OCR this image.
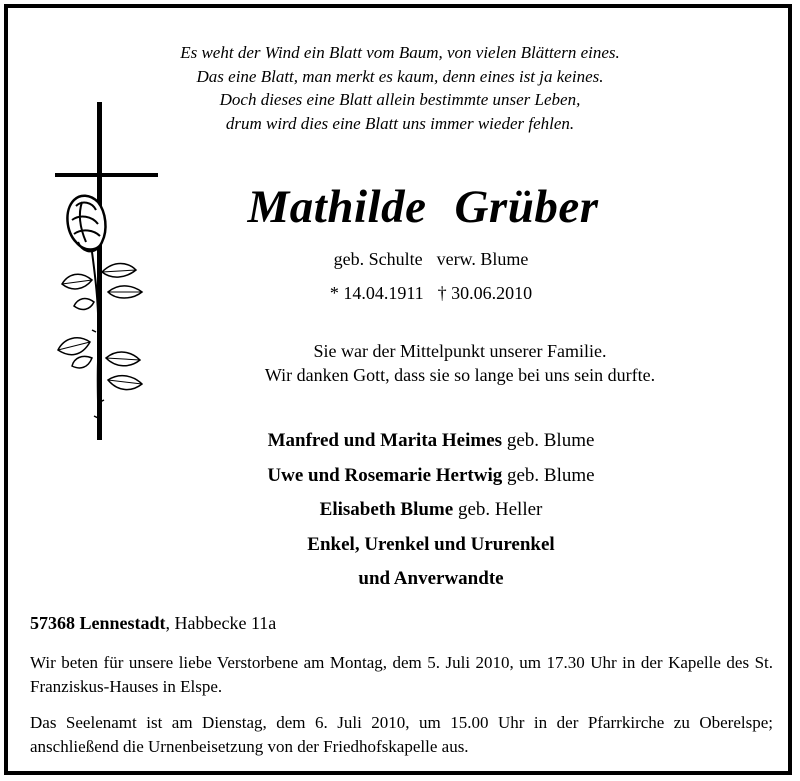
Es weht der Wind ein Blatt vom Baum, von vielen Blättern eines.
Das eine Blatt, man merkt es kaum, denn eines ist ja keines.
Doch dieses eine Blatt allein bestimmte unser Leben,
drum wird dies eine Blatt uns immer wieder fehlen.
Mathilde Grüber
geb. Schulte verw. Blume
* 14.04.1911 † 30.06.2010
Sie war der Mittelpunkt unserer Familie.
Wir danken Gott, dass sie so lange bei uns sein durfte.
Manfred und Marita Heimes geb. Blume
Uwe und Rosemarie Hertwig geb. Blume
Elisabeth Blume geb. Heller
Enkel, Urenkel und Ururenkel
und Anverwandte
57368 Lennestadt, Habbecke 11a
Wir beten für unsere liebe Verstorbene am Montag, dem 5. Juli 2010, um 17.30 Uhr in der Kapelle des St. Franziskus-Hauses in Elspe.
Das Seelenamt ist am Dienstag, dem 6. Juli 2010, um 15.00 Uhr in der Pfarrkirche zu Oberelspe; anschließend die Urnenbeisetzung von der Friedhofskapelle aus.
